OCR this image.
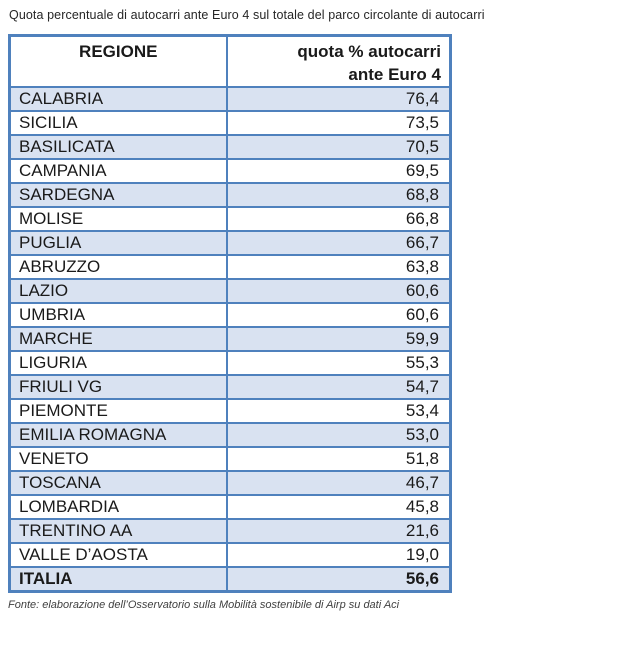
Quota percentuale di autocarri ante Euro 4 sul totale del parco circolante di autocarri

REGIONE	quota % autocarri
ante Euro 4
CALABRIA	76,4
SICILIA	73,5
BASILICATA	70,5
CAMPANIA	69,5
SARDEGNA	68,8
MOLISE	66,8
PUGLIA	66,7
ABRUZZO	63,8
LAZIO	60,6
UMBRIA	60,6
MARCHE	59,9
LIGURIA	55,3
FRIULI VG	54,7
PIEMONTE	53,4
EMILIA ROMAGNA	53,0
VENETO	51,8
TOSCANA	46,7
LOMBARDIA	45,8
TRENTINO AA	21,6
VALLE D’AOSTA	19,0
ITALIA	56,6

Fonte: elaborazione dell’Osservatorio sulla Mobilità sostenibile di Airp su dati Aci
